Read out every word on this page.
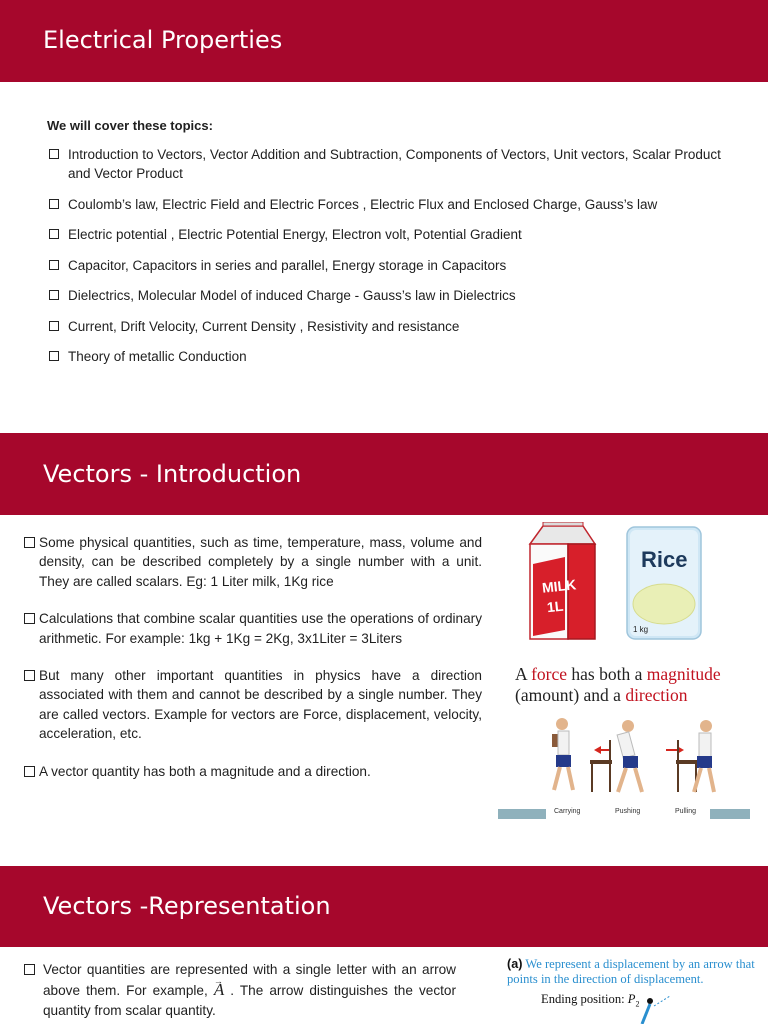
Electrical Properties
We will cover these topics:
Introduction to Vectors, Vector Addition and Subtraction, Components of Vectors, Unit vectors, Scalar Product and Vector Product
Coulomb’s law, Electric Field and Electric Forces , Electric Flux and Enclosed Charge, Gauss’s law
Electric potential , Electric Potential Energy, Electron volt, Potential Gradient
Capacitor, Capacitors in series and parallel, Energy storage in Capacitors
Dielectrics, Molecular Model of induced Charge - Gauss’s law in Dielectrics
Current, Drift Velocity, Current Density , Resistivity and resistance
Theory of metallic Conduction
Vectors - Introduction
Some physical quantities, such as time, temperature, mass, volume and density, can be described completely by a single number with a unit. They are called scalars. Eg: 1 Liter milk, 1Kg rice
Calculations that combine scalar quantities use the operations of ordinary arithmetic. For example: 1kg + 1Kg = 2Kg, 3x1Liter = 3Liters
But many other important quantities in physics have a direction associated with them and cannot be described by a single number. They are called vectors. Example for vectors are Force, displacement, velocity, acceleration, etc.
A vector quantity has both a magnitude and a direction.
MILK
1L
Rice
1 kg
A force has both a magnitude
(amount) and a direction
Carrying	Pushing	Pulling
Vectors -Representation
Vector quantities are represented with a single letter with an arrow above them. For example, → A . The arrow distinguishes the vector quantity from scalar quantity.
(a) We represent a displacement by an arrow that points in the direction of displacement.
Ending position: $P_2$
